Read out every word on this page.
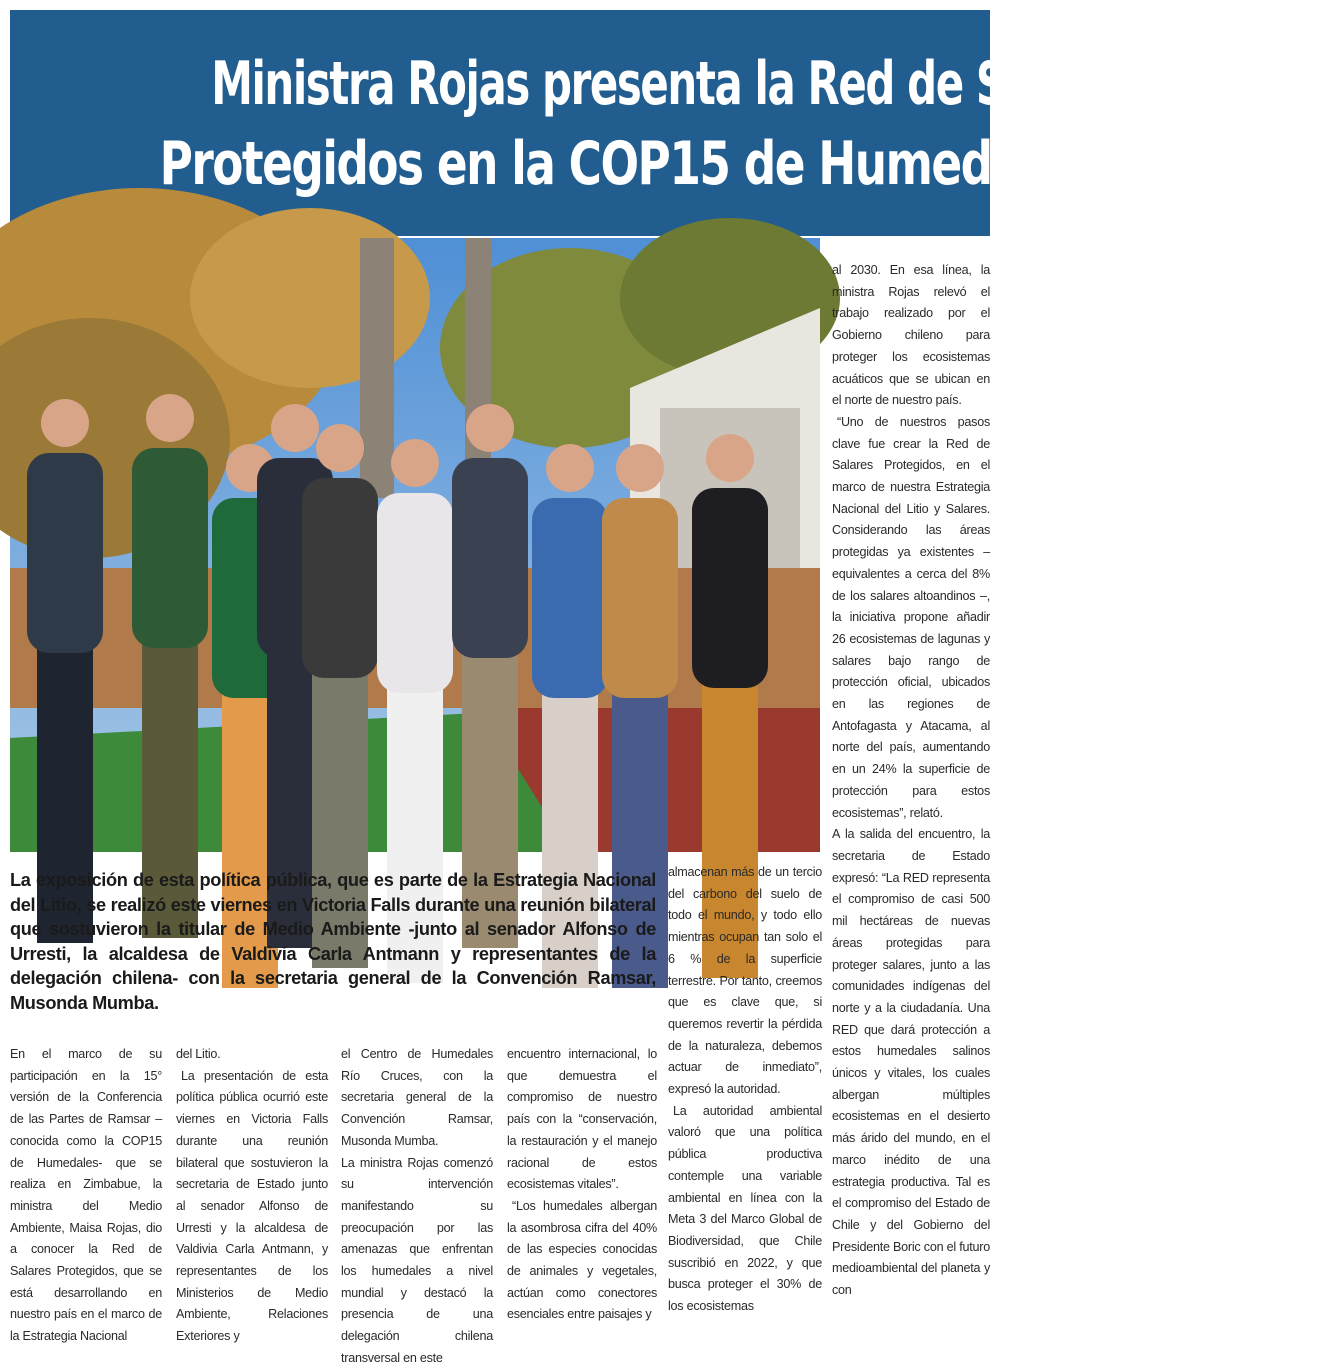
Ministra Rojas presenta la Red de Salares
Protegidos en la COP15 de Humedales
La exposición de esta política pública, que es parte de la Estrategia Nacional del Litio, se realizó este viernes en Victoria Falls durante una reunión bilateral que sostuvieron la titular de Medio Ambiente -junto al senador Alfonso de Urresti, la alcaldesa de Valdivia Carla Antmann y representantes de la delegación chilena- con la secretaria general de la Convención Ramsar, Musonda Mumba.

En el marco de su participación en la 15° versión de la Conferencia de las Partes de Ramsar –conocida como la COP15 de Humedales- que se realiza en Zimbabue, la ministra del Medio Ambiente, Maisa Rojas, dio a conocer la Red de Salares Protegidos, que se está desarrollando en nuestro país en el marco de la Estrategia Nacional

del Litio.

La presentación de esta política pública ocurrió este viernes en Victoria Falls durante una reunión bilateral que sostuvieron la secretaria de Estado junto al senador Alfonso de Urresti y la alcaldesa de Valdivia Carla Antmann, y representantes de los Ministerios de Medio Ambiente, Relaciones Exteriores y

el Centro de Humedales Río Cruces, con la secretaria general de la Convención Ramsar, Musonda Mumba.

La ministra Rojas comenzó su intervención manifestando su preocupación por las amenazas que enfrentan los humedales a nivel mundial y destacó la presencia de una delegación chilena transversal en este

encuentro internacional, lo que demuestra el compromiso de nuestro país con la “conservación, la restauración y el manejo racional de estos ecosistemas vitales”.

“Los humedales albergan la asombrosa cifra del 40% de las especies conocidas de animales y vegetales, actúan como conectores esenciales entre paisajes y

almacenan más de un tercio del carbono del suelo de todo el mundo, y todo ello mientras ocupan tan solo el 6 % de la superficie terrestre. Por tanto, creemos que es clave que, si queremos revertir la pérdida de la naturaleza, debemos actuar de inmediato”, expresó la autoridad.

La autoridad ambiental valoró que una política pública productiva contemple una variable ambiental en línea con la Meta 3 del Marco Global de Biodiversidad, que Chile suscribió en 2022, y que busca proteger el 30% de los ecosistemas

al 2030. En esa línea, la ministra Rojas relevó el trabajo realizado por el Gobierno chileno para proteger los ecosistemas acuáticos que se ubican en el norte de nuestro país.

“Uno de nuestros pasos clave fue crear la Red de Salares Protegidos, en el marco de nuestra Estrategia Nacional del Litio y Salares. Considerando las áreas protegidas ya existentes – equivalentes a cerca del 8% de los salares altoandinos –, la iniciativa propone añadir 26 ecosistemas de lagunas y salares bajo rango de protección oficial, ubicados en las regiones de Antofagasta y Atacama, al norte del país, aumentando en un 24% la superficie de protección para estos ecosistemas”, relató.

A la salida del encuentro, la secretaria de Estado expresó: “La RED representa el compromiso de casi 500 mil hectáreas de nuevas áreas protegidas para proteger salares, junto a las comunidades indígenas del norte y a la ciudadanía. Una RED que dará protección a estos humedales salinos únicos y vitales, los cuales albergan múltiples ecosistemas en el desierto más árido del mundo, en el marco inédito de una estrategia productiva. Tal es el compromiso del Estado de Chile y del Gobierno del Presidente Boric con el futuro medioambiental del planeta y con
